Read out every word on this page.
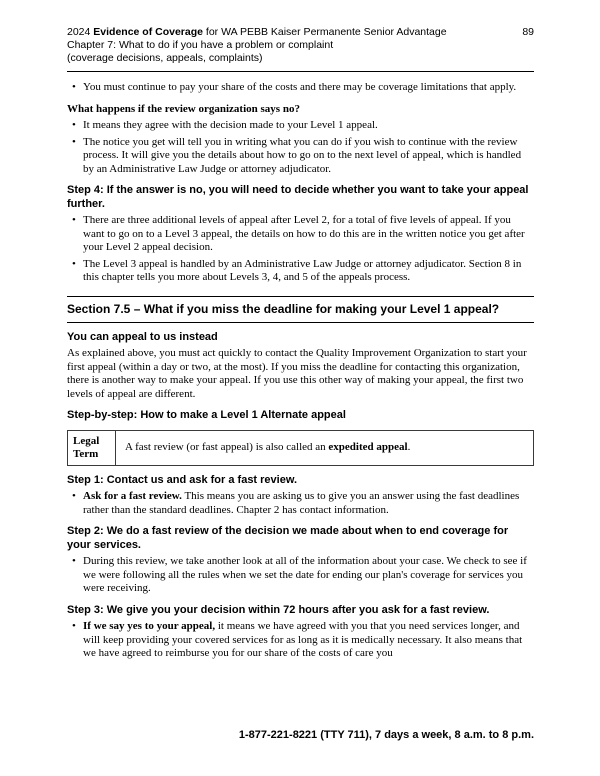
2024 Evidence of Coverage for WA PEBB Kaiser Permanente Senior Advantage	89
Chapter 7: What to do if you have a problem or complaint
(coverage decisions, appeals, complaints)
• You must continue to pay your share of the costs and there may be coverage limitations that apply.
What happens if the review organization says no?
• It means they agree with the decision made to your Level 1 appeal.
• The notice you get will tell you in writing what you can do if you wish to continue with the review process. It will give you the details about how to go on to the next level of appeal, which is handled by an Administrative Law Judge or attorney adjudicator.
Step 4: If the answer is no, you will need to decide whether you want to take your appeal further.
• There are three additional levels of appeal after Level 2, for a total of five levels of appeal. If you want to go on to a Level 3 appeal, the details on how to do this are in the written notice you get after your Level 2 appeal decision.
• The Level 3 appeal is handled by an Administrative Law Judge or attorney adjudicator. Section 8 in this chapter tells you more about Levels 3, 4, and 5 of the appeals process.
Section 7.5 – What if you miss the deadline for making your Level 1 appeal?
You can appeal to us instead
As explained above, you must act quickly to contact the Quality Improvement Organization to start your first appeal (within a day or two, at the most). If you miss the deadline for contacting this organization, there is another way to make your appeal. If you use this other way of making your appeal, the first two levels of appeal are different.
Step-by-step: How to make a Level 1 Alternate appeal
Legal Term
A fast review (or fast appeal) is also called an expedited appeal.
Step 1: Contact us and ask for a fast review.
• Ask for a fast review. This means you are asking us to give you an answer using the fast deadlines rather than the standard deadlines. Chapter 2 has contact information.
Step 2: We do a fast review of the decision we made about when to end coverage for your services.
• During this review, we take another look at all of the information about your case. We check to see if we were following all the rules when we set the date for ending our plan's coverage for services you were receiving.
Step 3: We give you your decision within 72 hours after you ask for a fast review.
• If we say yes to your appeal, it means we have agreed with you that you need services longer, and will keep providing your covered services for as long as it is medically necessary. It also means that we have agreed to reimburse you for our share of the costs of care you
1-877-221-8221 (TTY 711), 7 days a week, 8 a.m. to 8 p.m.
